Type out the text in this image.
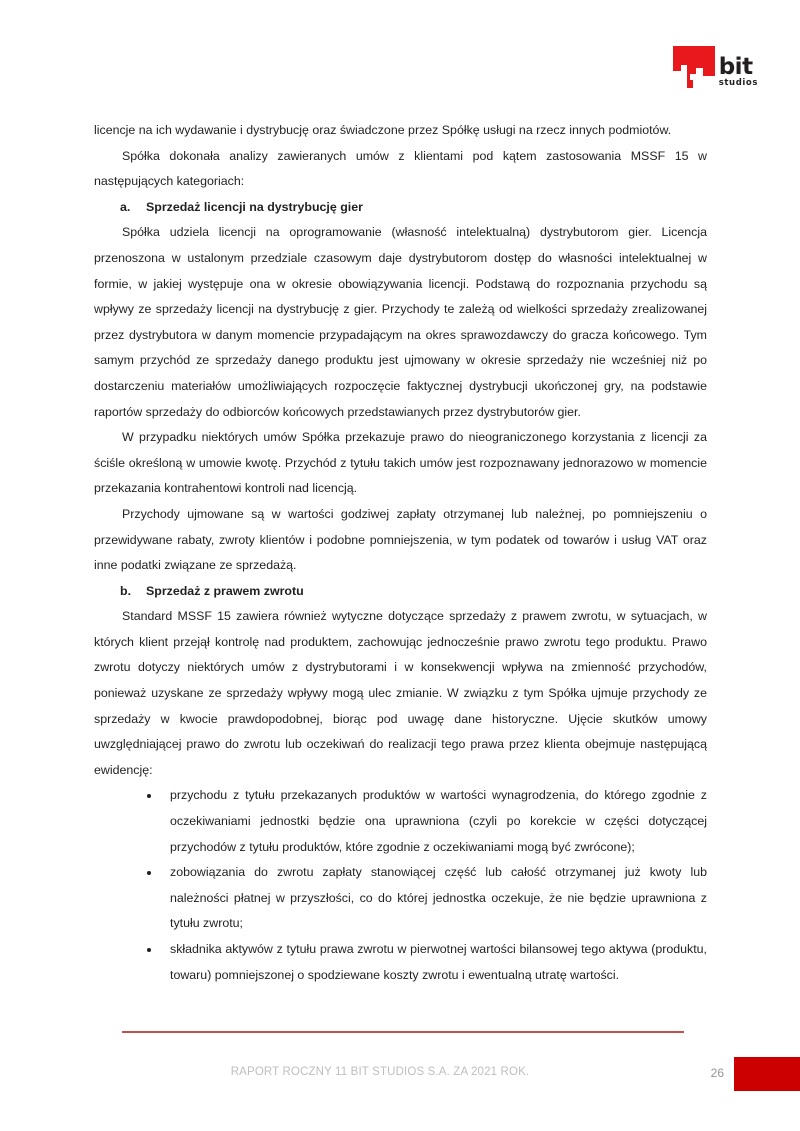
bit
studios

licencje na ich wydawanie i dystrybucję oraz świadczone przez Spółkę usługi na rzecz innych podmiotów.

Spółka dokonała analizy zawieranych umów z klientami pod kątem zastosowania MSSF 15 w następujących kategoriach:

a.	Sprzedaż licencji na dystrybucję gier

Spółka udziela licencji na oprogramowanie (własność intelektualną) dystrybutorom gier. Licencja przenoszona w ustalonym przedziale czasowym daje dystrybutorom dostęp do własności intelektualnej w formie, w jakiej występuje ona w okresie obowiązywania licencji. Podstawą do rozpoznania przychodu są wpływy ze sprzedaży licencji na dystrybucję z gier. Przychody te zależą od wielkości sprzedaży zrealizowanej przez dystrybutora w danym momencie przypadającym na okres sprawozdawczy do gracza końcowego. Tym samym przychód ze sprzedaży danego produktu jest ujmowany w okresie sprzedaży nie wcześniej niż po dostarczeniu materiałów umożliwiających rozpoczęcie faktycznej dystrybucji ukończonej gry, na podstawie raportów sprzedaży do odbiorców końcowych przedstawianych przez dystrybutorów gier.

W przypadku niektórych umów Spółka przekazuje prawo do nieograniczonego korzystania z licencji za ściśle określoną w umowie kwotę. Przychód z tytułu takich umów jest rozpoznawany jednorazowo w momencie przekazania kontrahentowi kontroli nad licencją.

Przychody ujmowane są w wartości godziwej zapłaty otrzymanej lub należnej, po pomniejszeniu o przewidywane rabaty, zwroty klientów i podobne pomniejszenia, w tym podatek od towarów i usług VAT oraz inne podatki związane ze sprzedażą.

b.	Sprzedaż z prawem zwrotu

Standard MSSF 15 zawiera również wytyczne dotyczące sprzedaży z prawem zwrotu, w sytuacjach, w których klient przejął kontrolę nad produktem, zachowując jednocześnie prawo zwrotu tego produktu. Prawo zwrotu dotyczy niektórych umów z dystrybutorami i w konsekwencji wpływa na zmienność przychodów, ponieważ uzyskane ze sprzedaży wpływy mogą ulec zmianie. W związku z tym Spółka ujmuje przychody ze sprzedaży w kwocie prawdopodobnej, biorąc pod uwagę dane historyczne. Ujęcie skutków umowy uwzględniającej prawo do zwrotu lub oczekiwań do realizacji tego prawa przez klienta obejmuje następującą ewidencję:

przychodu z tytułu przekazanych produktów w wartości wynagrodzenia, do którego zgodnie z oczekiwaniami jednostki będzie ona uprawniona (czyli po korekcie w części dotyczącej przychodów z tytułu produktów, które zgodnie z oczekiwaniami mogą być zwrócone);
zobowiązania do zwrotu zapłaty stanowiącej część lub całość otrzymanej już kwoty lub należności płatnej w przyszłości, co do której jednostka oczekuje, że nie będzie uprawniona z tytułu zwrotu;
składnika aktywów z tytułu prawa zwrotu w pierwotnej wartości bilansowej tego aktywa (produktu, towaru) pomniejszonej o spodziewane koszty zwrotu i ewentualną utratę wartości.
RAPORT ROCZNY 11 BIT STUDIOS S.A. ZA 2021 ROK.	26
